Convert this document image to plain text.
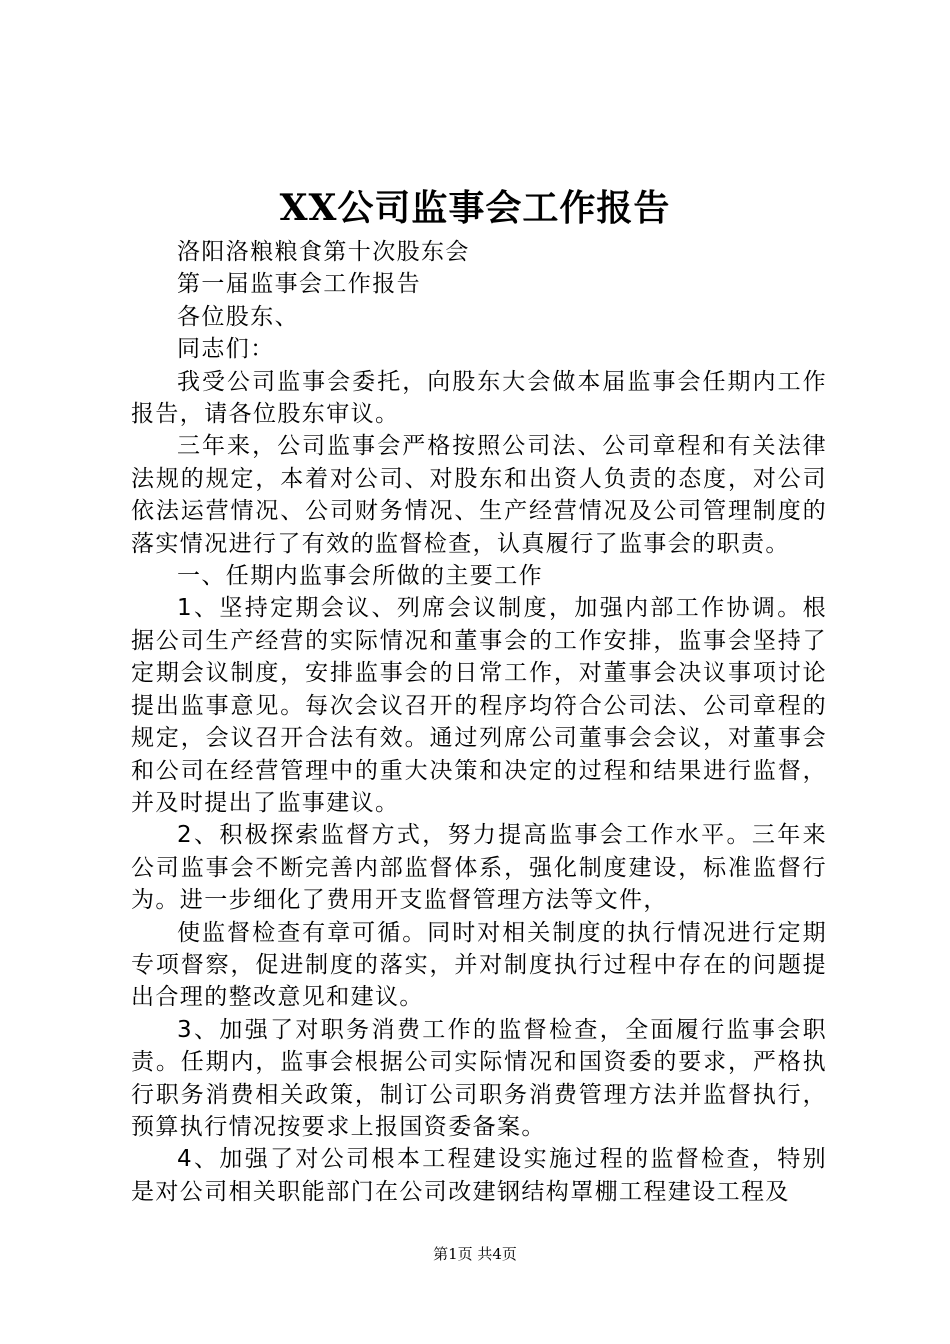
XX公司监事会工作报告

洛阳洛粮粮食第十次股东会

第一届监事会工作报告

各位股东、

同志们：

我受公司监事会委托，向股东大会做本届监事会任期内工作报告，请各位股东审议。

三年来，公司监事会严格按照公司法、公司章程和有关法律法规的规定，本着对公司、对股东和出资人负责的态度，对公司依法运营情况、公司财务情况、生产经营情况及公司管理制度的落实情况进行了有效的监督检查，认真履行了监事会的职责。

一、任期内监事会所做的主要工作

1、坚持定期会议、列席会议制度，加强内部工作协调。根据公司生产经营的实际情况和董事会的工作安排，监事会坚持了定期会议制度，安排监事会的日常工作，对董事会决议事项讨论提出监事意见。每次会议召开的程序均符合公司法、公司章程的规定，会议召开合法有效。通过列席公司董事会会议，对董事会和公司在经营管理中的重大决策和决定的过程和结果进行监督，并及时提出了监事建议。

2、积极探索监督方式，努力提高监事会工作水平。三年来公司监事会不断完善内部监督体系，强化制度建设，标准监督行为。进一步细化了费用开支监督管理方法等文件，

使监督检查有章可循。同时对相关制度的执行情况进行定期专项督察，促进制度的落实，并对制度执行过程中存在的问题提出合理的整改意见和建议。

3、加强了对职务消费工作的监督检查，全面履行监事会职责。任期内，监事会根据公司实际情况和国资委的要求，严格执行职务消费相关政策，制订公司职务消费管理方法并监督执行，预算执行情况按要求上报国资委备案。

4、加强了对公司根本工程建设实施过程的监督检查，特别是对公司相关职能部门在公司改建钢结构罩棚工程建设工程及

第1页 共4页
